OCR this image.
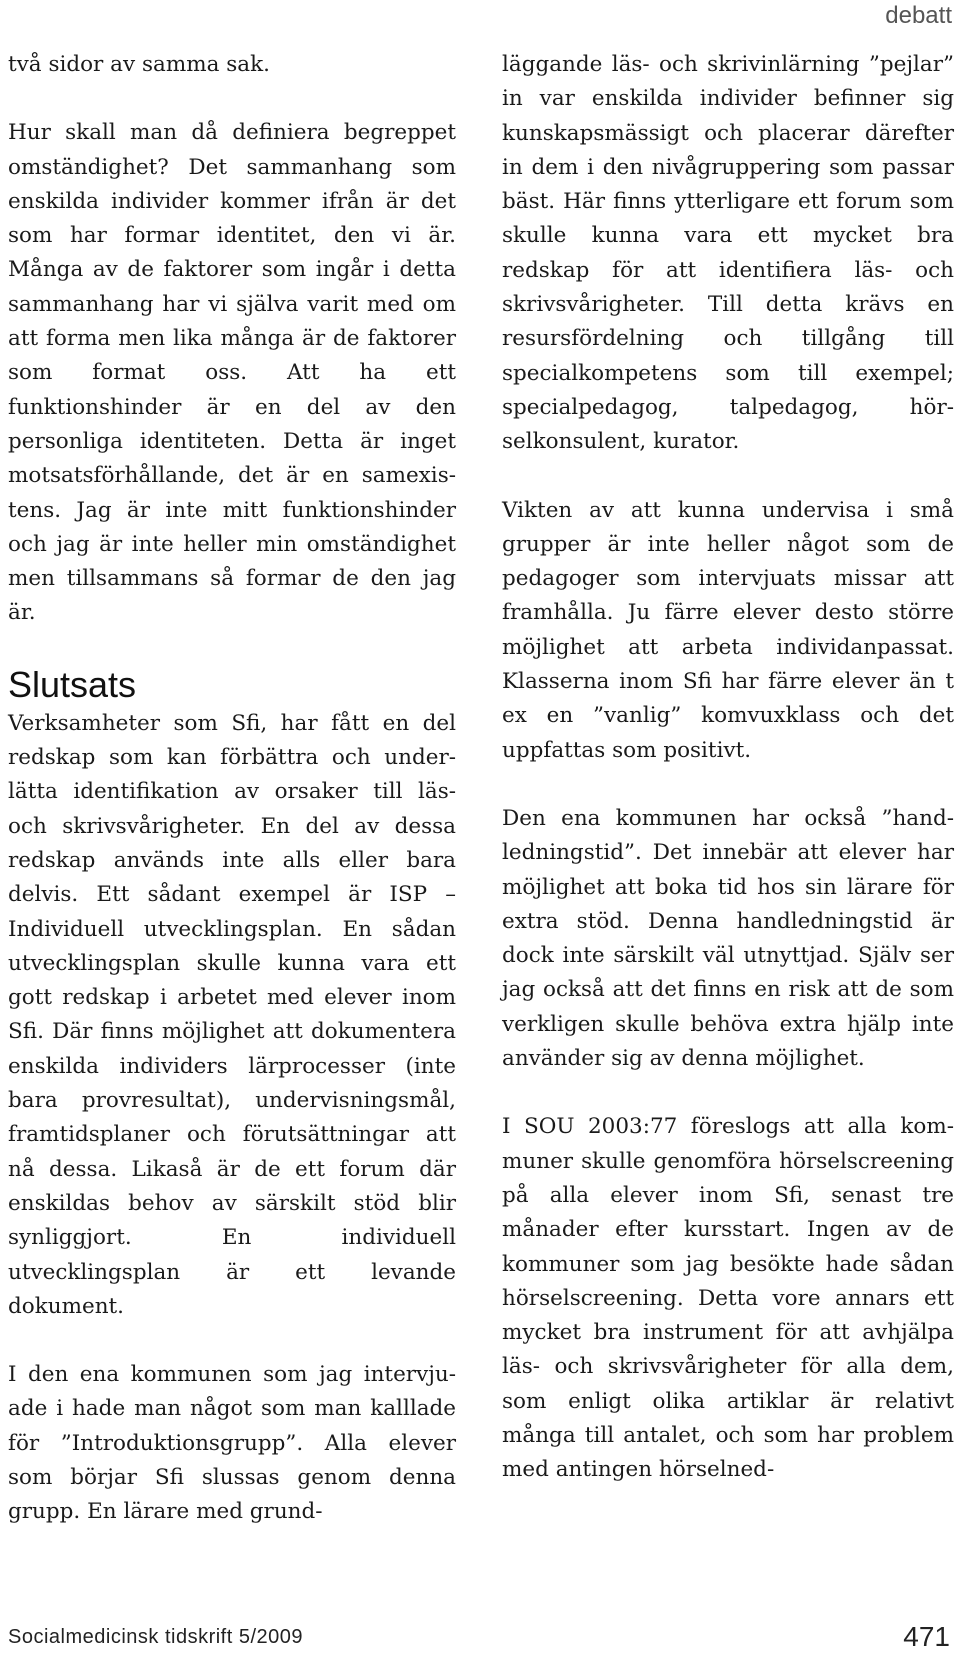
debatt

två sidor av samma sak.

Hur skall man då definiera begreppet omständighet? Det sammanhang som enskilda individer kommer ifrån är det som har formar identitet, den vi är. Många av de faktorer som ingår i detta sammanhang har vi själva varit med om att forma men lika många är de faktorer som format oss. Att ha ett funktionshinder är en del av den personliga identiteten. Detta är inget motsatsförhållande, det är en samexistens. Jag är inte mitt funktionshinder och jag är inte heller min omständighet men tillsammans så formar de den jag är.

Slutsats

Verksamheter som Sfi, har fått en del redskap som kan förbättra och underlätta identifikation av orsaker till läs- och skrivsvårigheter. En del av dessa redskap används inte alls eller bara delvis. Ett sådant exempel är ISP – Individuell utvecklingsplan. En sådan utvecklingsplan skulle kunna vara ett gott redskap i arbetet med elever inom Sfi. Där finns möjlighet att dokumentera enskilda individers lärprocesser (inte bara provresultat), undervisningsmål, framtidsplaner och förutsättningar att nå dessa. Likaså är de ett forum där enskildas behov av särskilt stöd blir synliggjort. En individuell utvecklingsplan är ett levande dokument.

I den ena kommunen som jag intervjuade i hade man något som man kalllade för ”Introduktionsgrupp”. Alla elever som börjar Sfi slussas genom denna grupp. En lärare med grund-

läggande läs- och skrivinlärning ”pejlar” in var enskilda individer befinner sig kunskapsmässigt och placerar därefter in dem i den nivågruppering som passar bäst. Här finns ytterligare ett forum som skulle kunna vara ett mycket bra redskap för att identifiera läs- och skrivsvårigheter. Till detta krävs en resursfördelning och tillgång till specialkompetens som till exempel; specialpedagog, talpedagog, hörselkonsulent, kurator.

Vikten av att kunna undervisa i små grupper är inte heller något som de pedagoger som intervjuats missar att framhålla. Ju färre elever desto större möjlighet att arbeta individanpassat. Klasserna inom Sfi har färre elever än t ex en ”vanlig” komvuxklass och det uppfattas som positivt.

Den ena kommunen har också ”handledningstid”. Det innebär att elever har möjlighet att boka tid hos sin lärare för extra stöd. Denna handledningstid är dock inte särskilt väl utnyttjad. Själv ser jag också att det finns en risk att de som verkligen skulle behöva extra hjälp inte använder sig av denna möjlighet.

I SOU 2003:77 föreslogs att alla kommuner skulle genomföra hörselscreening på alla elever inom Sfi, senast tre månader efter kursstart. Ingen av de kommuner som jag besökte hade sådan hörselscreening. Detta vore annars ett mycket bra instrument för att avhjälpa läs- och skrivsvårigheter för alla dem, som enligt olika artiklar är relativt många till antalet, och som har problem med antingen hörselned-

Socialmedicinsk tidskrift 5/2009	471
